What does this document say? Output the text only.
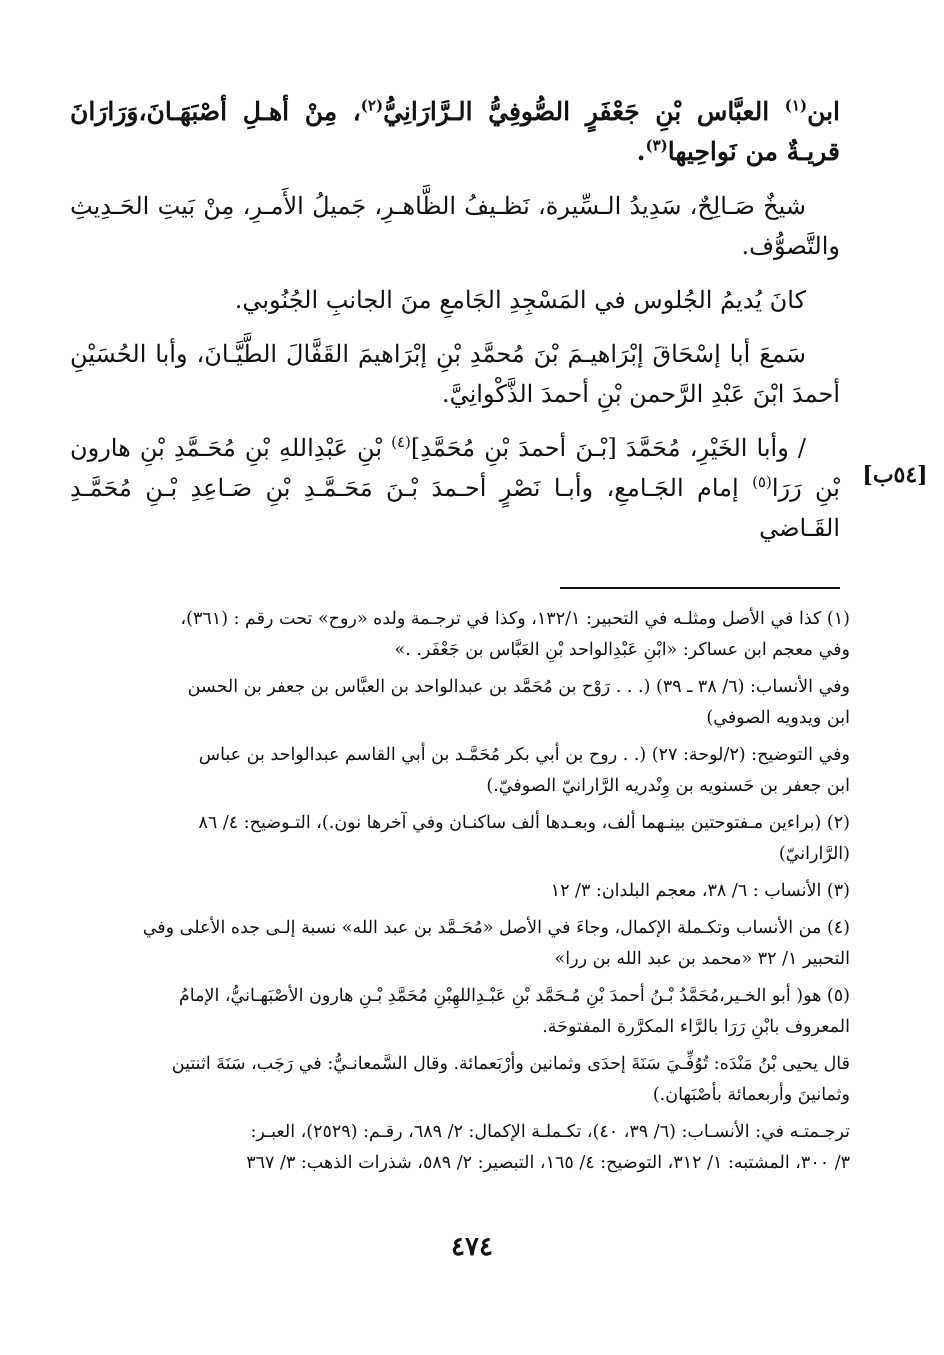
ابن$^{(١)}$ العبَّاس بْنِ جَعْفَرٍ الصُّوفِيُّ الـرَّارَانِيُّ$^{(٢)}$، مِنْ أهـلِ أصْبَهَـانَ،وَرَارَانَ قريـةٌ من نَواحِيها$^{(٣)}$.

شيخٌ صَـالِحٌ، سَدِيدُ الـسِّيرة، نَظـيفُ الظَّاهـرِ، جَميلُ الأَمـرِ، مِنْ بَيتِ الحَـدِيثِ والتَّصوُّف.

كانَ يُديمُ الجُلوس في المَسْجِدِ الجَامعِ منَ الجانبِ الجُنُوبي.

سَمعَ أبا إسْحَاقَ إبْرَاهيـمَ بْنَ مُحمَّدِ بْنِ إبْرَاهيمَ القَفَّالَ الطَّيَّـانَ، وأبا الحُسَيْنِ أحمدَ ابْنَ عَبْدِ الرَّحمن بْنِ أحمدَ الذَّكْوانِيَّ.

/ وأبا الخَيْرِ، مُحَمَّدَ [بْـنَ أحمدَ بْنِ مُحَمَّدِ]$^{(٤)}$ بْنِ عَبْدِاللهِ بْنِ مُحَـمَّدِ بْنِ هارون بْنِ رَرَا$^{(٥)}$ إمام الجَـامعِ، وأبـا نَصْرٍ أحـمدَ بْـنَ مَحَـمَّـدِ بْنِ صَـاعِدِ بْـنِ مُحَمَّـدِ القَـاضي

[٥٤ب]

(١) كذا في الأصل ومثلـه في التحبير: ١٣٢/١، وكذا في ترجـمة ولده «روح» تحت رقم : (٣٦١)،
وفي معجم ابن عساكر: «ابْنِ عَبْدِالواحد بْنِ العَبَّاس بن جَعْفَر. .»

وفي الأنساب: (٦/ ٣٨ ـ ٣٩) (. . . رَوْح بن مُحَمَّد بن عبدالواحد بن العبَّاس بن جعفر بن الحسن
ابن ويدويه الصوفي)

وفي التوضيح: (٢/لوحة: ٢٧) (. . روح بن أبي بكر مُحَمَّـد بن أبي القاسم عبدالواحد بن عباس
ابن جعفر بن حَسنويه بن وِنْدريه الرَّارانيّ الصوفيّ.)

(٢) (براءين مـفتوحتين بينـهما ألف، وبعـدها ألف ساكنـان وفي آخرها نون.)، التـوضيح: ٤/ ٨٦
(الرَّارانيّ)

(٣) الأنساب : ٦/ ٣٨، معجم البلدان: ٣/ ١٢

(٤) من الأنساب وتكـملة الإكمال، وجاءَ في الأصل «مُحَـمَّد بن عبد الله» نسبة إلـى جده الأعلى وفي
التحبير ١/ ٣٢ «محمد بن عبد الله بن ررا»

(٥) هو( أبو الخـير،مُحَمَّدُ بْـنُ أحمدَ بْنِ مُـحَمَّد بْنِ عَبْـدِاللهِبْنِ مُحَمَّدِ بْـنِ هارون الأصْبَهـانيُّ، الإمامُ
المعروف بابْنِ رَرَا بالرَّاء المكرَّرة المفتوحَة.

قال يحيى بْنُ مَنْدَه: تُوُفِّـيَ سَنَةَ إحدَى وثمانين وأرْبَعمائة. وقال السَّمعانـيُّ: في رَجَب، سَنَةَ اثنتين
وثمانينَ وأربعمائة بأصْبَهان.)

ترجـمتـه في: الأنسـاب: (٦/ ٣٩، ٤٠)، تكـملـة الإكمال: ٢/ ٦٨٩، رقـم: (٢٥٢٩)، العبـر:
٣/ ٣٠٠، المشتبه: ١/ ٣١٢، التوضيح: ٤/ ١٦٥، التبصير: ٢/ ٥٨٩، شذرات الذهب: ٣/ ٣٦٧

٤٧٤
